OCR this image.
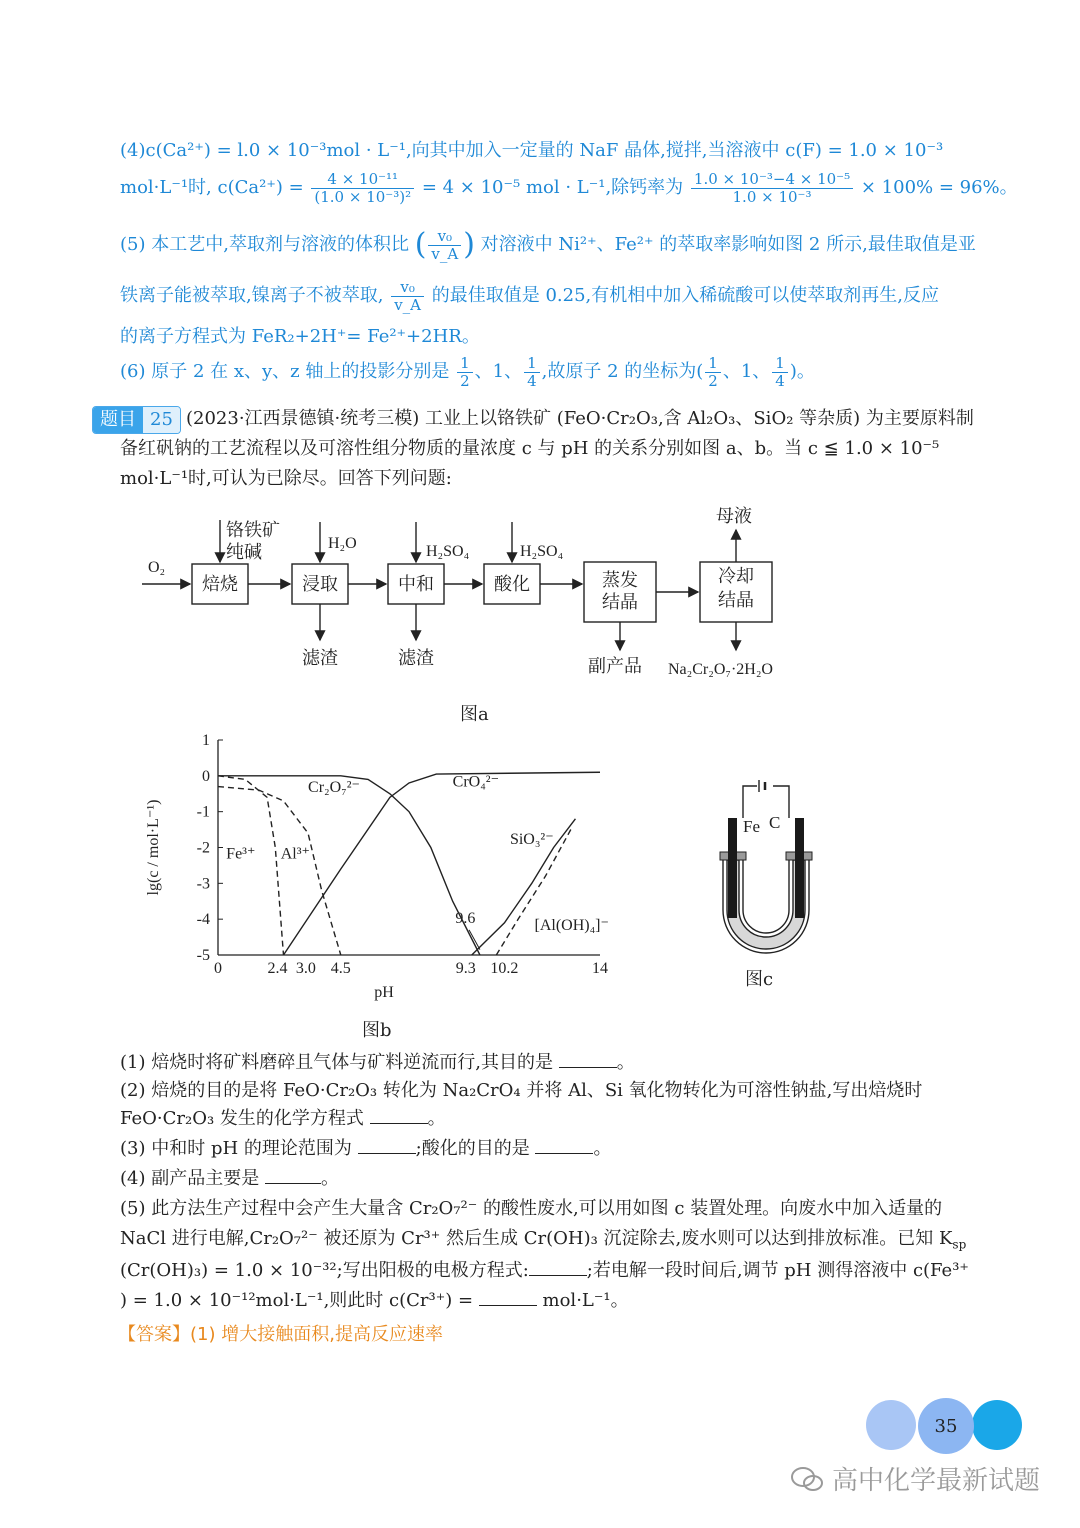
(4)c(Ca²⁺) = l.0 × 10⁻³mol · L⁻¹,向其中加入一定量的 NaF 晶体,搅拌,当溶液中 c(F) = 1.0 × 10⁻³
mol·L⁻¹时, $c(Ca^{2+}) = \frac{\text{4 × 10⁻¹¹}}{\text{(1.0 × 10⁻³)²}} = 4 \times 10^{-5}$ mol · L⁻¹,除钙率为 $\frac{\text{1.0 × 10⁻³−4 × 10⁻⁵}}{\text{1.0 × 10⁻³}} \times 100\% = 96\%$。
(5) 本工艺中,萃取剂与溶液的体积比 ( $\frac{\text{v₀}}{v\_A}$ ) 对溶液中 Ni²⁺、Fe²⁺ 的萃取率影响如图 2 所示,最佳取值是亚
铁离子能被萃取,镍离子不被萃取, $\frac{\text{v₀}}{v\_A}$ 的最佳取值是 0.25,有机相中加入稀硫酸可以使萃取剂再生,反应
的离子方程式为 FeR₂+2H⁺= Fe²⁺+2HR。
(6) 原子 2 在 x、y、z 轴上的投影分别是 $\frac{1}{2}$ 、1、 $\frac{1}{4}$ ,故原子 2 的坐标为( $\frac{1}{2}$ 、1、 $\frac{1}{4}$ )。
题目 25 (2023·江西景德镇·统考三模) 工业上以铬铁矿 (FeO·Cr₂O₃,含 Al₂O₃、SiO₂ 等杂质) 为主要原料制
备红矾钠的工艺流程以及可溶性组分物质的量浓度 c 与 pH 的关系分别如图 a、b。当 c ≦ 1.0 × 10⁻⁵
mol·L⁻¹时,可认为已除尽。回答下列问题:
O₂
铬铁矿
纯碱
焙烧
H₂O
浸取
滤渣
H₂SO₄
中和
滤渣
H₂SO₄
酸化	蒸发
结晶
副产品
母液
冷却
结晶
Na₂Cr₂O₇·2H₂O
图a
1
0
-1
-2
-3
-4
-5
0	2.4 3.0 4.5	9.3 10.2	14
pH
lg(c / mol·L⁻¹)	Fe³⁺ Al³⁺
Cr₂O₇²⁻	CrO₄²⁻
SiO₃²⁻
[Al(OH)₄]⁻
9.6
图b
Fe C
图c
(1) 焙烧时将矿料磨碎且气体与矿料逆流而行,其目的是	。
(2) 焙烧的目的是将 FeO·Cr₂O₃ 转化为 Na₂CrO₄ 并将 Al、Si 氧化物转化为可溶性钠盐,写出焙烧时
FeO·Cr₂O₃ 发生的化学方程式	。
(3) 中和时 pH 的理论范围为	;酸化的目的是	。
(4) 副产品主要是	。
(5) 此方法生产过程中会产生大量含 Cr₂O₇²⁻ 的酸性废水,可以用如图 c 装置处理。向废水中加入适量的
NaCl 进行电解,Cr₂O₇²⁻ 被还原为 Cr³⁺ 然后生成 Cr(OH)₃ 沉淀除去,废水则可以达到排放标准。已知 $K_{sp}$
(Cr(OH)₃) = 1.0 × 10⁻³²;写出阳极的电极方程式:	;若电解一段时间后,调节 pH 测得溶液中 c(Fe³⁺
) = 1.0 × 10⁻¹²mol·L⁻¹,则此时 c(Cr³⁺) =	mol·L⁻¹。
【答案】(1) 增大接触面积,提高反应速率
35
高中化学最新试题
